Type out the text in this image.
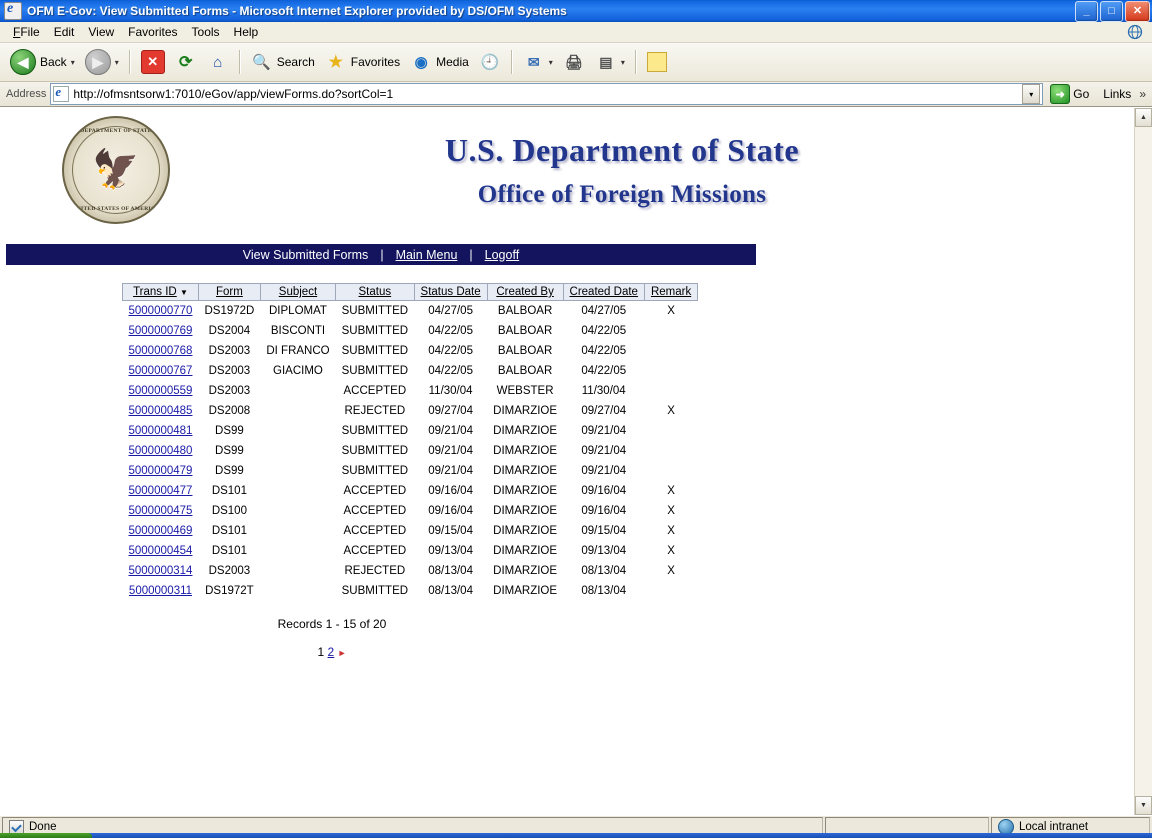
e
OFM E-Gov: View Submitted Forms - Microsoft Internet Explorer provided by DS/OFM Systems	_	□	✕
FFile	Edit	View	Favorites	Tools	Help
◀ Back ▾	▶	▾	✕	⟳	⌂	🔍 Search ★ Favorites ◉ Media 🕘	✉	▾ 🖨	▤	▾
Address e http://ofmsntsorw1:7010/eGov/app/viewForms.do?sortCol=1	▾	➜ Go	Links »
DEPARTMENT OF STATE
🦅
UNITED STATES OF AMERICA
U.S. Department of State
Office of Foreign Missions
View Submitted Forms | Main Menu | Logoff
Trans ID ▼	Form	Subject	Status	Status Date	Created By	Created Date	Remark
5000000770	DS1972D	DIPLOMAT	SUBMITTED	04/27/05	BALBOAR	04/27/05	X
5000000769	DS2004	BISCONTI	SUBMITTED	04/22/05	BALBOAR	04/22/05	
5000000768	DS2003	DI FRANCO	SUBMITTED	04/22/05	BALBOAR	04/22/05	
5000000767	DS2003	GIACIMO	SUBMITTED	04/22/05	BALBOAR	04/22/05	
5000000559	DS2003		ACCEPTED	11/30/04	WEBSTER	11/30/04	
5000000485	DS2008		REJECTED	09/27/04	DIMARZIOE	09/27/04	X
5000000481	DS99		SUBMITTED	09/21/04	DIMARZIOE	09/21/04	
5000000480	DS99		SUBMITTED	09/21/04	DIMARZIOE	09/21/04	
5000000479	DS99		SUBMITTED	09/21/04	DIMARZIOE	09/21/04	
5000000477	DS101		ACCEPTED	09/16/04	DIMARZIOE	09/16/04	X
5000000475	DS100		ACCEPTED	09/16/04	DIMARZIOE	09/16/04	X
5000000469	DS101		ACCEPTED	09/15/04	DIMARZIOE	09/15/04	X
5000000454	DS101		ACCEPTED	09/13/04	DIMARZIOE	09/13/04	X
5000000314	DS2003		REJECTED	08/13/04	DIMARZIOE	08/13/04	X
5000000311	DS1972T		SUBMITTED	08/13/04	DIMARZIOE	08/13/04	
Records 1 - 15 of 20
1 2 ►
▲
▼
Done	Local intranet
